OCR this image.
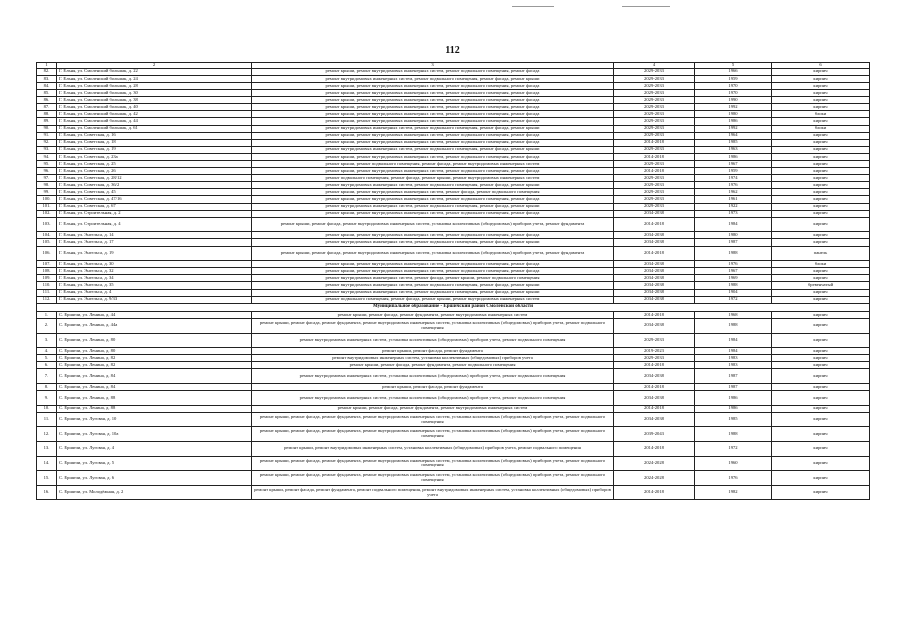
112
1	2	3	4	5	6
82.	Г. Ельня, ул. Смоленский большак, д. 22	ремонт крыши, ремонт внутридомовых инженерных систем, ремонт подвального помещения, ремонт фасада	2029-2033	1966	кирпич
83.	Г. Ельня, ул. Смоленский большак, д. 24	ремонт внутридомовых инженерных систем, ремонт подвального помещения, ремонт фасада, ремонт крыши	2029-2033	1959	кирпич
84.	Г. Ельня, ул. Смоленский большак, д. 28	ремонт крыши, ремонт внутридомовых инженерных систем, ремонт подвального помещения, ремонт фасада	2029-2033	1970	кирпич
85.	Г. Ельня, ул. Смоленский большак, д. 30	ремонт крыши, ремонт внутридомовых инженерных систем, ремонт подвального помещения, ремонт фасада	2029-2033	1970	кирпич
86.	Г. Ельня, ул. Смоленский большак, д. 38	ремонт крыши, ремонт внутридомовых инженерных систем, ремонт подвального помещения, ремонт фасада	2029-2033	1990	кирпич
87.	Г. Ельня, ул. Смоленский большак, д. 40	ремонт крыши, ремонт внутридомовых инженерных систем, ремонт подвального помещения, ремонт фасада	2029-2033	1992	кирпич
88.	Г. Ельня, ул. Смоленский большак, д. 42	ремонт крыши, ремонт внутридомовых инженерных систем, ремонт подвального помещения, ремонт фасада	2029-2033	1980	блоки
89.	Г. Ельня, ул. Смоленский большак, д. 44	ремонт крыши, ремонт внутридомовых инженерных систем, ремонт подвального помещения, ремонт фасада	2029-2033	1986	кирпич
90.	Г. Ельня, ул. Смоленский большак, д. 61	ремонт внутридомовых инженерных систем, ремонт подвального помещения, ремонт фасада, ремонт крыши	2029-2033	1992	блоки
91.	Г. Ельня, ул. Советская, д. 16	ремонт крыши, ремонт внутридомовых инженерных систем, ремонт подвального помещения, ремонт фасада	2029-2033	1964	кирпич
92.	Г. Ельня, ул. Советская, д. 18	ремонт крыши, ремонт внутридомовых инженерных систем, ремонт подвального помещения, ремонт фасада	2014-2018	1985	кирпич
93.	Г. Ельня, ул. Советская, д. 19	ремонт внутридомовых инженерных систем, ремонт подвального помещения, ремонт фасада, ремонт крыши	2029-2033	1963	кирпич
94.	Г. Ельня, ул. Советская, д. 23а	ремонт крыши, ремонт внутридомовых инженерных систем, ремонт подвального помещения, ремонт фасада	2014-2018	1986	кирпич
95.	Г. Ельня, ул. Советская, д. 25	ремонт крыши, ремонт подвального помещения, ремонт фасада, ремонт внутридомовых инженерных систем	2029-2033	1967	кирпич
96.	Г. Ельня, ул. Советская, д. 26	ремонт крыши, ремонт внутридомовых инженерных систем, ремонт подвального помещения, ремонт фасада	2014-2018	1959	кирпич
97.	Г. Ельня, ул. Советская, д. 28/12	ремонт подвального помещения, ремонт фасада, ремонт крыши, ремонт внутридомовых инженерных систем	2029-2033	1974	кирпич
98.	Г. Ельня, ул. Советская, д. 36/2	ремонт внутридомовых инженерных систем, ремонт подвального помещения, ремонт фасада, ремонт крыши	2029-2033	1976	кирпич
99.	Г. Ельня, ул. Советская, д. 45	ремонт крыши, ремонт внутридомовых инженерных систем, ремонт фасада, ремонт подвального помещения	2029-2033	1962	кирпич
100.	Г. Ельня, ул. Советская, д. 47/16	ремонт крыши, ремонт внутридомовых инженерных систем, ремонт подвального помещения, ремонт фасада	2029-2033	1961	кирпич
101.	Г. Ельня, ул. Советская, д. 67	ремонт внутридомовых инженерных систем, ремонт подвального помещения, ремонт фасада, ремонт крыши	2029-2033	1922	кирпич
102.	Г. Ельня, ул. Строительная, д. 2	ремонт крыши, ремонт внутридомовых инженерных систем, ремонт подвального помещения, ремонт фасада	2034-2038	1973	кирпич
103.	Г. Ельня, ул. Строительная, д. 4	ремонт крыши, ремонт фасада, ремонт внутридомовых инженерных систем, установка коллективных (общедомовых) приборов учета, ремонт фундамента	2014-2018	1984	кирпич
104.	Г. Ельня, ул. Энгельса, д. 14	ремонт крыши, ремонт внутридомовых инженерных систем, ремонт подвального помещения, ремонт фасада	2034-2038	1980	кирпич
105.	Г. Ельня, ул. Энгельса, д. 17	ремонт внутридомовых инженерных систем, ремонт подвального помещения, ремонт фасада, ремонт крыши	2034-2038	1987	кирпич
106.	Г. Ельня, ул. Энгельса, д. 19	ремонт крыши, ремонт фасада, ремонт внутридомовых инженерных систем, установка коллективных (общедомовых) приборов учета, ремонт фундамента	2014-2018	1988	панель
107.	Г. Ельня, ул. Энгельса, д. 30	ремонт крыши, ремонт внутридомовых инженерных систем, ремонт подвального помещения, ремонт фасада	2034-2038	1976	блоки
108.	Г. Ельня, ул. Энгельса, д. 32	ремонт крыши, ремонт внутридомовых инженерных систем, ремонт подвального помещения, ремонт фасада	2034-2038	1967	кирпич
109.	Г. Ельня, ул. Энгельса, д. 34	ремонт внутридомовых инженерных систем, ремонт фасада, ремонт крыши, ремонт подвального помещения	2034-2038	1969	кирпич
110.	Г. Ельня, ул. Энгельса, д. 35	ремонт внутридомовых инженерных систем, ремонт подвального помещения, ремонт фасада, ремонт крыши	2034-2038	1988	бревенчатый
111.	Г. Ельня, ул. Энгельса, д. 4	ремонт внутридомовых инженерных систем, ремонт подвального помещения, ремонт фасада, ремонт крыши	2034-2038	1904	кирпич
112.	Г. Ельня, ул. Энгельса, д. 9/33	ремонт подвального помещения, ремонт фасада, ремонт крыши, ремонт внутридомовых инженерных систем	2034-2038	1972	кирпич
Муниципальное образование - Ершичский район Смоленской области					
1.	С. Ершичи, ул. Ленина, д. 44	ремонт крыши, ремонт фасада, ремонт фундамента, ремонт внутридомовых инженерных систем	2014-2018	1968	кирпич
2.	С. Ершичи, ул. Ленина, д. 44а	ремонт крыши, ремонт фасада, ремонт фундамента, ремонт внутридомовых инженерных систем, установка коллективных (общедомовых) приборов учета, ремонт подвального помещения	2034-2038	1988	кирпич
3.	С. Ершичи, ул. Ленина, д. 80	ремонт внутридомовых инженерных систем, установка коллективных (общедомовых) приборов учета, ремонт подвального помещения	2029-2033	1984	кирпич
4.	С. Ершичи, ул. Ленина, д. 80	ремонт крыши, ремонт фасада, ремонт фундамента	2019-2023	1984	кирпич
5.	С. Ершичи, ул. Ленина, д. 82	ремонт внутридомовых инженерных систем, установка коллективных (общедомовых) приборов учета	2029-2033	1983	кирпич
6.	С. Ершичи, ул. Ленина, д. 82	ремонт крыши, ремонт фасада, ремонт фундамента, ремонт подвального помещения	2014-2018	1983	кирпич
7.	С. Ершичи, ул. Ленина, д. 84	ремонт внутридомовых инженерных систем, установка коллективных (общедомовых) приборов учета, ремонт подвального помещения	2034-2038	1987	кирпич
8.	С. Ершичи, ул. Ленина, д. 84	ремонт крыши, ремонт фасада, ремонт фундамента	2014-2018	1987	кирпич
9.	С. Ершичи, ул. Ленина, д. 88	ремонт внутридомовых инженерных систем, установка коллективных (общедомовых) приборов учета, ремонт подвального помещения	2034-2038	1986	кирпич
10.	С. Ершичи, ул. Ленина, д. 88	ремонт крыши, ремонт фасада, ремонт фундамента, ремонт внутридомовых инженерных систем	2014-2018	1986	кирпич
11.	С. Ершичи, ул. Луговая, д. 10	ремонт крыши, ремонт фасада, ремонт фундамента, ремонт внутридомовых инженерных систем, установка коллективных (общедомовых) приборов учета, ремонт подвального помещения	2034-2038	1985	кирпич
12.	С. Ершичи, ул. Луговая, д. 10а	ремонт крыши, ремонт фасада, ремонт фундамента, ремонт внутридомовых инженерных систем, установка коллективных (общедомовых) приборов учета, ремонт подвального помещения	2039-2043	1988	кирпич
13.	С. Ершичи, ул. Луговая, д. 4	ремонт крыши, ремонт внутридомовых инженерных систем, установка коллективных (общедомовых) приборов учета, ремонт подвального помещения	2014-2018	1972	кирпич
14.	С. Ершичи, ул. Луговая, д. 5	ремонт крыши, ремонт фасада, ремонт фундамента, ремонт внутридомовых инженерных систем, установка коллективных (общедомовых) приборов учета, ремонт подвального помещения	2024-2028	1960	кирпич
15.	С. Ершичи, ул. Луговая, д. 6	ремонт крыши, ремонт фасада, ремонт фундамента, ремонт внутридомовых инженерных систем, установка коллективных (общедомовых) приборов учета, ремонт подвального помещения	2024-2028	1976	кирпич
16.	С. Ершичи, ул. Молодёжная, д. 2	ремонт крыши, ремонт фасада, ремонт фундамента, ремонт подвального помещения, ремонт внутридомовых инженерных систем, установка коллективных (общедомовых) приборов учета	2014-2018	1982	кирпич
